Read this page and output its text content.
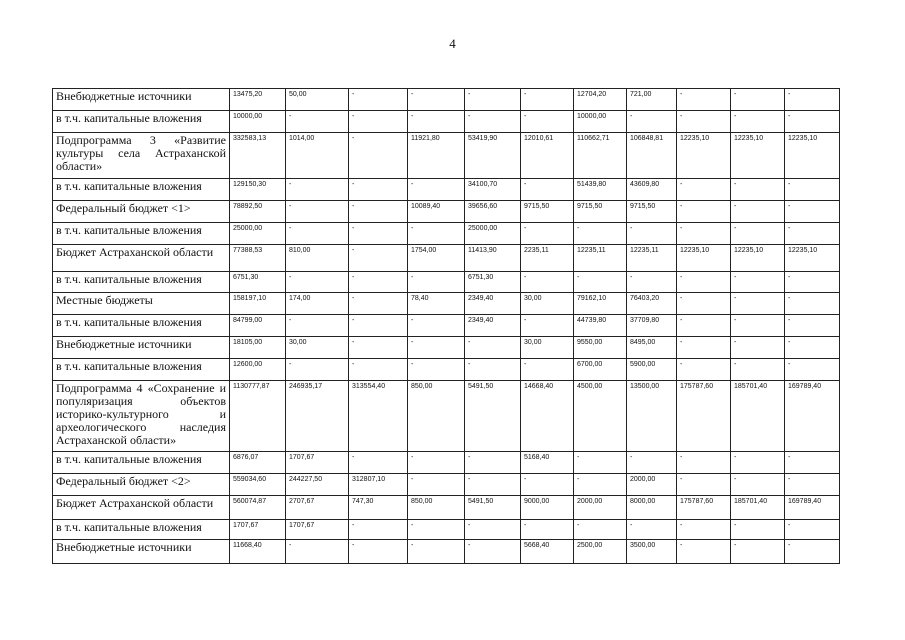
4
Внебюджетные источники	13475,20	50,00	-	-	-	-	12704,20	721,00	-	-	-
в т.ч. капитальные вложения	10000,00	-	-	-	-	-	10000,00	-	-	-	-
Подпрограмма 3 «Развитие культуры села Астраханской области»	332583,13	1014,00	-	11921,80	53419,90	12010,61	110662,71	106848,81	12235,10	12235,10	12235,10
в т.ч. капитальные вложения	129150,30	-	-	-	34100,70	-	51439,80	43609,80	-	-	-
Федеральный бюджет <1>	78892,50	-	-	10089,40	39656,60	9715,50	9715,50	9715,50	-	-	-
в т.ч. капитальные вложения	25000,00	-	-	-	25000,00	-	-	-	-	-	-
Бюджет Астраханской области	77388,53	810,00	-	1754,00	11413,90	2235,11	12235,11	12235,11	12235,10	12235,10	12235,10
в т.ч. капитальные вложения	6751,30	-	-	-	6751,30	-	-	-	-	-	-
Местные бюджеты	158197,10	174,00	-	78,40	2349,40	30,00	79162,10	76403,20	-	-	-
в т.ч. капитальные вложения	84799,00	-	-	-	2349,40	-	44739,80	37709,80	-	-	-
Внебюджетные источники	18105,00	30,00	-	-	-	30,00	9550,00	8495,00	-	-	-
в т.ч. капитальные вложения	12600,00	-	-	-	-	-	6700,00	5900,00	-	-	-
Подпрограмма 4 «Сохранение и популяризация объектов историко-культурного и археологического наследия Астраханской области»	1130777,87	246935,17	313554,40	850,00	5491,50	14668,40	4500,00	13500,00	175787,60	185701,40	169789,40
в т.ч. капитальные вложения	6876,07	1707,67	-	-	-	5168,40	-	-	-	-	-
Федеральный бюджет <2>	559034,60	244227,50	312807,10	-	-	-	-	2000,00	-	-	-
Бюджет Астраханской области	560074,87	2707,67	747,30	850,00	5491,50	9000,00	2000,00	8000,00	175787,60	185701,40	169789,40
в т.ч. капитальные вложения	1707,67	1707,67	-	-	-	-	-	-	-	-	-
Внебюджетные источники	11668,40	-	-	-	-	5668,40	2500,00	3500,00	-	-	-
